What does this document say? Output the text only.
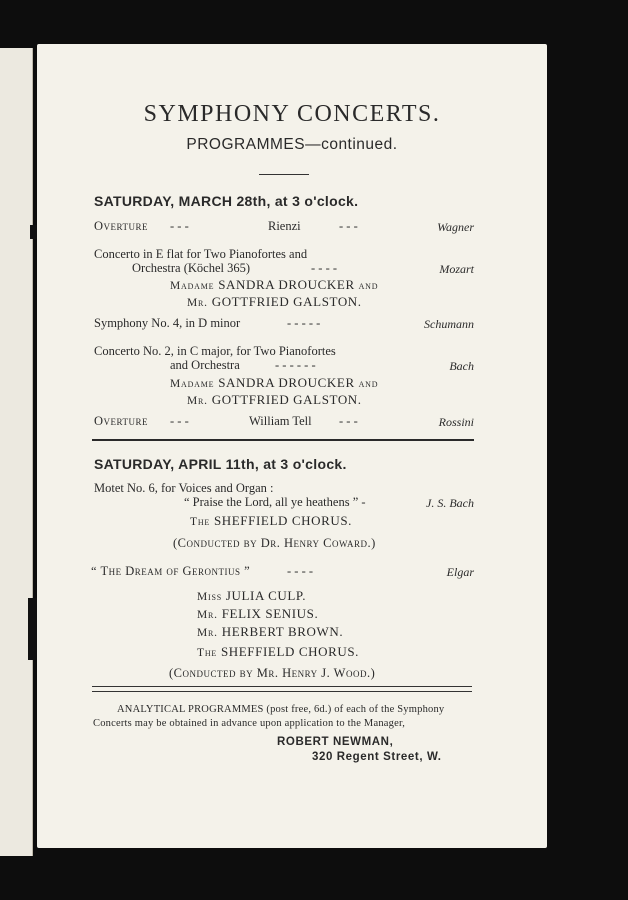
SYMPHONY CONCERTS.
PROGRAMMES—continued.
SATURDAY, MARCH 28th, at 3 o'clock.
Overture - - -	Rienzi	- - -	Wagner
Concerto in E flat for Two Pianofortes and
Orchestra (Köchel 365)	- - - -	Mozart
Madame SANDRA DROUCKER and
Mr. GOTTFRIED GALSTON.
Symphony No. 4, in D minor	- - - - -	Schumann
Concerto No. 2, in C major, for Two Pianofortes
and Orchestra	- - - - - -	Bach
Madame SANDRA DROUCKER and
Mr. GOTTFRIED GALSTON.
Overture - - -	William Tell - - -	Rossini
SATURDAY, APRIL 11th, at 3 o'clock.
Motet No. 6, for Voices and Organ :
“ Praise the Lord, all ye heathens ” -	J. S. Bach
The SHEFFIELD CHORUS.
(Conducted by Dr. Henry Coward.)
“ The Dream of Gerontius ”	- - - -	Elgar
Miss JULIA CULP.
Mr. FELIX SENIUS.
Mr. HERBERT BROWN.
The SHEFFIELD CHORUS.
(Conducted by Mr. Henry J. Wood.)
ANALYTICAL PROGRAMMES (post free, 6d.) of each of the Symphony
Concerts may be obtained in advance upon application to the Manager,
ROBERT NEWMAN,
320 Regent Street, W.
